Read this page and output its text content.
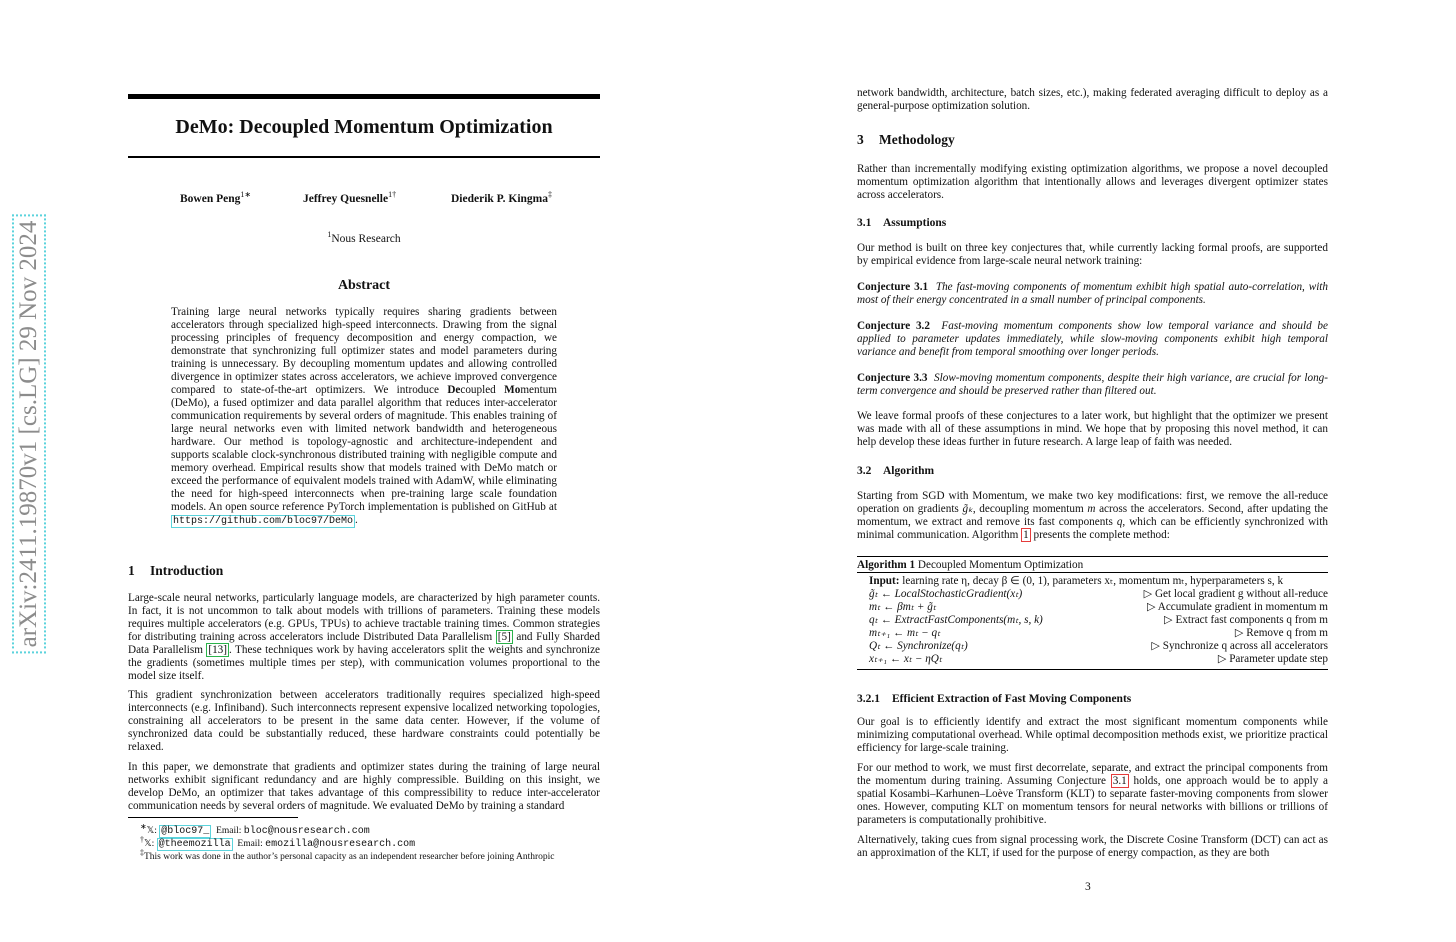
arXiv:2411.19870v1 [cs.LG] 29 Nov 2024
DeMo: Decoupled Momentum Optimization
Bowen Peng$^{1∗}$	Jeffrey Quesnelle$^{1\dagger}$	Diederik P. Kingma‡
$^1$Nous Research
Abstract
Training large neural networks typically requires sharing gradients between accelerators through specialized high-speed interconnects. Drawing from the signal processing principles of frequency decomposition and energy compaction, we demonstrate that synchronizing full optimizer states and model parameters during training is unnecessary. By decoupling momentum updates and allowing controlled divergence in optimizer states across accelerators, we achieve improved convergence compared to state-of-the-art optimizers. We introduce Decoupled Momentum (DeMo), a fused optimizer and data parallel algorithm that reduces inter-accelerator communication requirements by several orders of magnitude. This enables training of large neural networks even with limited network bandwidth and heterogeneous hardware. Our method is topology-agnostic and architecture-independent and supports scalable clock-synchronous distributed training with negligible compute and memory overhead. Empirical results show that models trained with DeMo match or exceed the performance of equivalent models trained with AdamW, while eliminating the need for high-speed interconnects when pre-training large scale foundation models. An open source reference PyTorch implementation is published on GitHub at https://github.com/bloc97/DeMo .
1 Introduction
Large-scale neural networks, particularly language models, are characterized by high parameter counts. In fact, it is not uncommon to talk about models with trillions of parameters. Training these models requires multiple accelerators (e.g. GPUs, TPUs) to achieve tractable training times. Common strategies for distributing training across accelerators include Distributed Data Parallelism [5] and Fully Sharded Data Parallelism [13] . These techniques work by having accelerators split the weights and synchronize the gradients (sometimes multiple times per step), with communication volumes proportional to the model size itself.
This gradient synchronization between accelerators traditionally requires specialized high-speed interconnects (e.g. Infiniband). Such interconnects represent expensive localized networking topologies, constraining all accelerators to be present in the same data center. However, if the volume of synchronized data could be substantially reduced, these hardware constraints could potentially be relaxed.
In this paper, we demonstrate that gradients and optimizer states during the training of large neural networks exhibit significant redundancy and are highly compressible. Building on this insight, we develop DeMo, an optimizer that takes advantage of this compressibility to reduce inter-accelerator communication needs by several orders of magnitude. We evaluated DeMo by training a standard
∗𝕏: @bloc97_ Email: bloc@nousresearch.com
†𝕏: @theemozilla Email: emozilla@nousresearch.com
‡This work was done in the author’s personal capacity as an independent researcher before joining Anthropic
network bandwidth, architecture, batch sizes, etc.), making federated averaging difficult to deploy as a general-purpose optimization solution.
3 Methodology
Rather than incrementally modifying existing optimization algorithms, we propose a novel decoupled momentum optimization algorithm that intentionally allows and leverages divergent optimizer states across accelerators.
3.1 Assumptions
Our method is built on three key conjectures that, while currently lacking formal proofs, are supported by empirical evidence from large-scale neural network training:
Conjecture 3.1 The fast-moving components of momentum exhibit high spatial auto-correlation, with most of their energy concentrated in a small number of principal components.
Conjecture 3.2 Fast-moving momentum components show low temporal variance and should be applied to parameter updates immediately, while slow-moving components exhibit high temporal variance and benefit from temporal smoothing over longer periods.
Conjecture 3.3 Slow-moving momentum components, despite their high variance, are crucial for long-term convergence and should be preserved rather than filtered out.
We leave formal proofs of these conjectures to a later work, but highlight that the optimizer we present was made with all of these assumptions in mind. We hope that by proposing this novel method, it can help develop these ideas further in future research. A large leap of faith was needed.
3.2 Algorithm
Starting from SGD with Momentum, we make two key modifications: first, we remove the all-reduce operation on gradients g̃ₖ, decoupling momentum m across the accelerators. Second, after updating the momentum, we extract and remove its fast components q, which can be efficiently synchronized with minimal communication. Algorithm 1 presents the complete method:
Algorithm 1 Decoupled Momentum Optimization
Input: learning rate η, decay β ∈ (0, 1), parameters xₜ, momentum mₜ, hyperparameters s, k
g̃ₜ ← LocalStochasticGradient(xₜ)	▷ Get local gradient g without all-reduce
mₜ ← βmₜ + g̃ₜ	▷ Accumulate gradient in momentum m
qₜ ← ExtractFastComponents(mₜ, s, k)	▷ Extract fast components q from m
mₜ₊₁ ← mₜ − qₜ	▷ Remove q from m
Qₜ ← Synchronize(qₜ)	▷ Synchronize q across all accelerators
xₜ₊₁ ← xₜ − ηQₜ	▷ Parameter update step
3.2.1 Efficient Extraction of Fast Moving Components
Our goal is to efficiently identify and extract the most significant momentum components while minimizing computational overhead. While optimal decomposition methods exist, we prioritize practical efficiency for large-scale training.
For our method to work, we must first decorrelate, separate, and extract the principal components from the momentum during training. Assuming Conjecture 3.1 holds, one approach would be to apply a spatial Kosambi–Karhunen–Loève Transform (KLT) to separate faster-moving components from slower ones. However, computing KLT on momentum tensors for neural networks with billions or trillions of parameters is computationally prohibitive.
Alternatively, taking cues from signal processing work, the Discrete Cosine Transform (DCT) can act as an approximation of the KLT, if used for the purpose of energy compaction, as they are both
3
